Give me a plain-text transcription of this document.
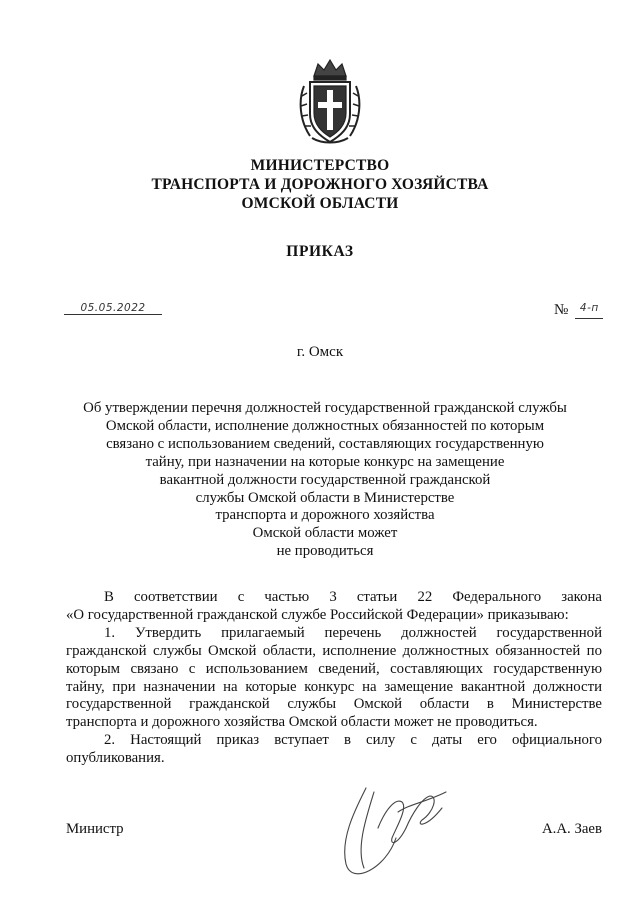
МИНИСТЕРСТВО
ТРАНСПОРТА И ДОРОЖНОГО ХОЗЯЙСТВА
ОМСКОЙ ОБЛАСТИ
ПРИКАЗ
05.05.2022	№ 4-п
г. Омск
Об утверждении перечня должностей государственной гражданской службы
Омской области, исполнение должностных обязанностей по которым
связано с использованием сведений, составляющих государственную
тайну, при назначении на которые конкурс на замещение
вакантной должности государственной гражданской
службы Омской области в Министерстве
транспорта и дорожного хозяйства
Омской области может
не проводиться
В соответствии с частью 3 статьи 22 Федерального закона
«О государственной гражданской службе Российской Федерации» приказываю:
1. Утвердить прилагаемый перечень должностей государственной
гражданской службы Омской области, исполнение должностных обязанностей по
которым связано с использованием сведений, составляющих государственную
тайну, при назначении на которые конкурс на замещение вакантной должности
государственной гражданской службы Омской области в Министерстве
транспорта и дорожного хозяйства Омской области может не проводиться.
2. Настоящий приказ вступает в силу с даты его официального
опубликования.
Министр	А.А. Заев
